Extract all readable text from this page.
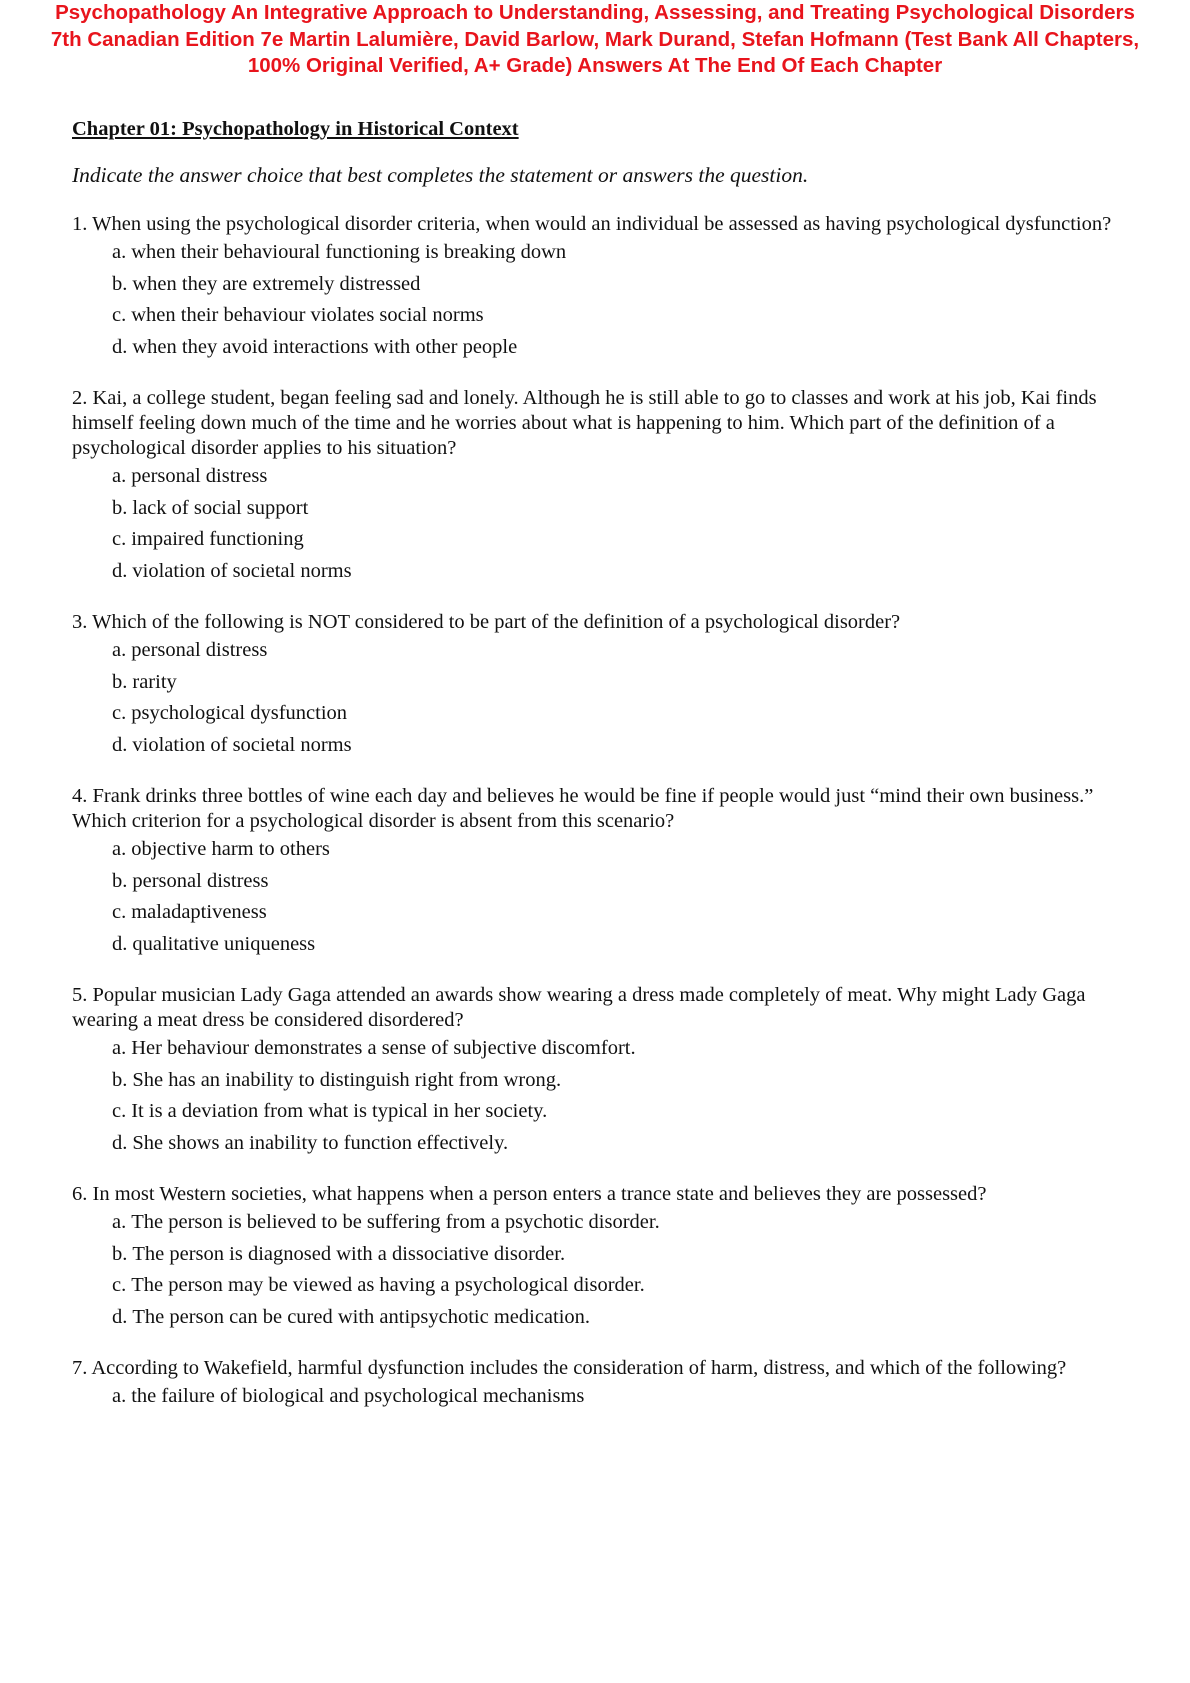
Psychopathology An Integrative Approach to Understanding, Assessing, and Treating Psychological Disorders
7th Canadian Edition 7e Martin Lalumière, David Barlow, Mark Durand, Stefan Hofmann (Test Bank All Chapters,
100% Original Verified, A+ Grade) Answers At The End Of Each Chapter
Chapter 01: Psychopathology in Historical Context

Indicate the answer choice that best completes the statement or answers the question.

1. When using the psychological disorder criteria, when would an individual be assessed as having psychological dysfunction?

a. when their behavioural functioning is breaking down
b. when they are extremely distressed
c. when their behaviour violates social norms
d. when they avoid interactions with other people

2. Kai, a college student, began feeling sad and lonely. Although he is still able to go to classes and work at his job, Kai finds himself feeling down much of the time and he worries about what is happening to him. Which part of the definition of a psychological disorder applies to his situation?

a. personal distress
b. lack of social support
c. impaired functioning
d. violation of societal norms

3. Which of the following is NOT considered to be part of the definition of a psychological disorder?

a. personal distress
b. rarity
c. psychological dysfunction
d. violation of societal norms

4. Frank drinks three bottles of wine each day and believes he would be fine if people would just “mind their own business.” Which criterion for a psychological disorder is absent from this scenario?

a. objective harm to others
b. personal distress
c. maladaptiveness
d. qualitative uniqueness

5. Popular musician Lady Gaga attended an awards show wearing a dress made completely of meat. Why might Lady Gaga wearing a meat dress be considered disordered?

a. Her behaviour demonstrates a sense of subjective discomfort.
b. She has an inability to distinguish right from wrong.
c. It is a deviation from what is typical in her society.
d. She shows an inability to function effectively.

6. In most Western societies, what happens when a person enters a trance state and believes they are possessed?

a. The person is believed to be suffering from a psychotic disorder.
b. The person is diagnosed with a dissociative disorder.
c. The person may be viewed as having a psychological disorder.
d. The person can be cured with antipsychotic medication.

7. According to Wakefield, harmful dysfunction includes the consideration of harm, distress, and which of the following?

a. the failure of biological and psychological mechanisms
